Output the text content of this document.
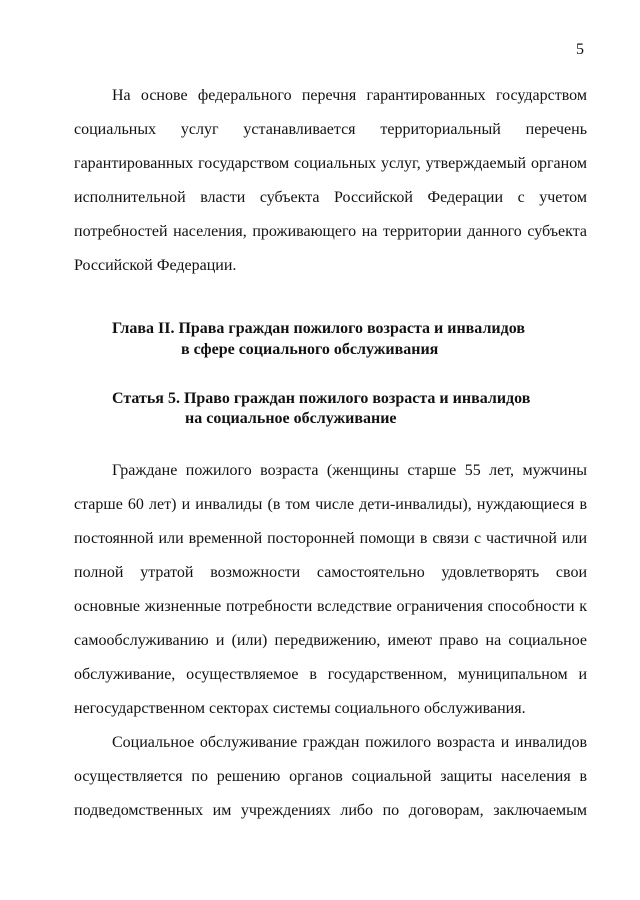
5
На основе федерального перечня гарантированных государством
социальных услуг устанавливается территориальный перечень
гарантированных государством социальных услуг, утверждаемый органом
исполнительной власти субъекта Российской Федерации с учетом
потребностей населения, проживающего на территории данного субъекта
Российской Федерации.
Глава II. Права граждан пожилого возраста и инвалидов
в сфере социального обслуживания
Статья 5. Право граждан пожилого возраста и инвалидов
на социальное обслуживание
Граждане пожилого возраста (женщины старше 55 лет, мужчины
старше 60 лет) и инвалиды (в том числе дети-инвалиды), нуждающиеся в
постоянной или временной посторонней помощи в связи с частичной или
полной утратой возможности самостоятельно удовлетворять свои
основные жизненные потребности вследствие ограничения способности к
самообслуживанию и (или) передвижению, имеют право на социальное
обслуживание, осуществляемое в государственном, муниципальном и
негосударственном секторах системы социального обслуживания.
Социальное обслуживание граждан пожилого возраста и инвалидов
осуществляется по решению органов социальной защиты населения в
подведомственных им учреждениях либо по договорам, заключаемым
